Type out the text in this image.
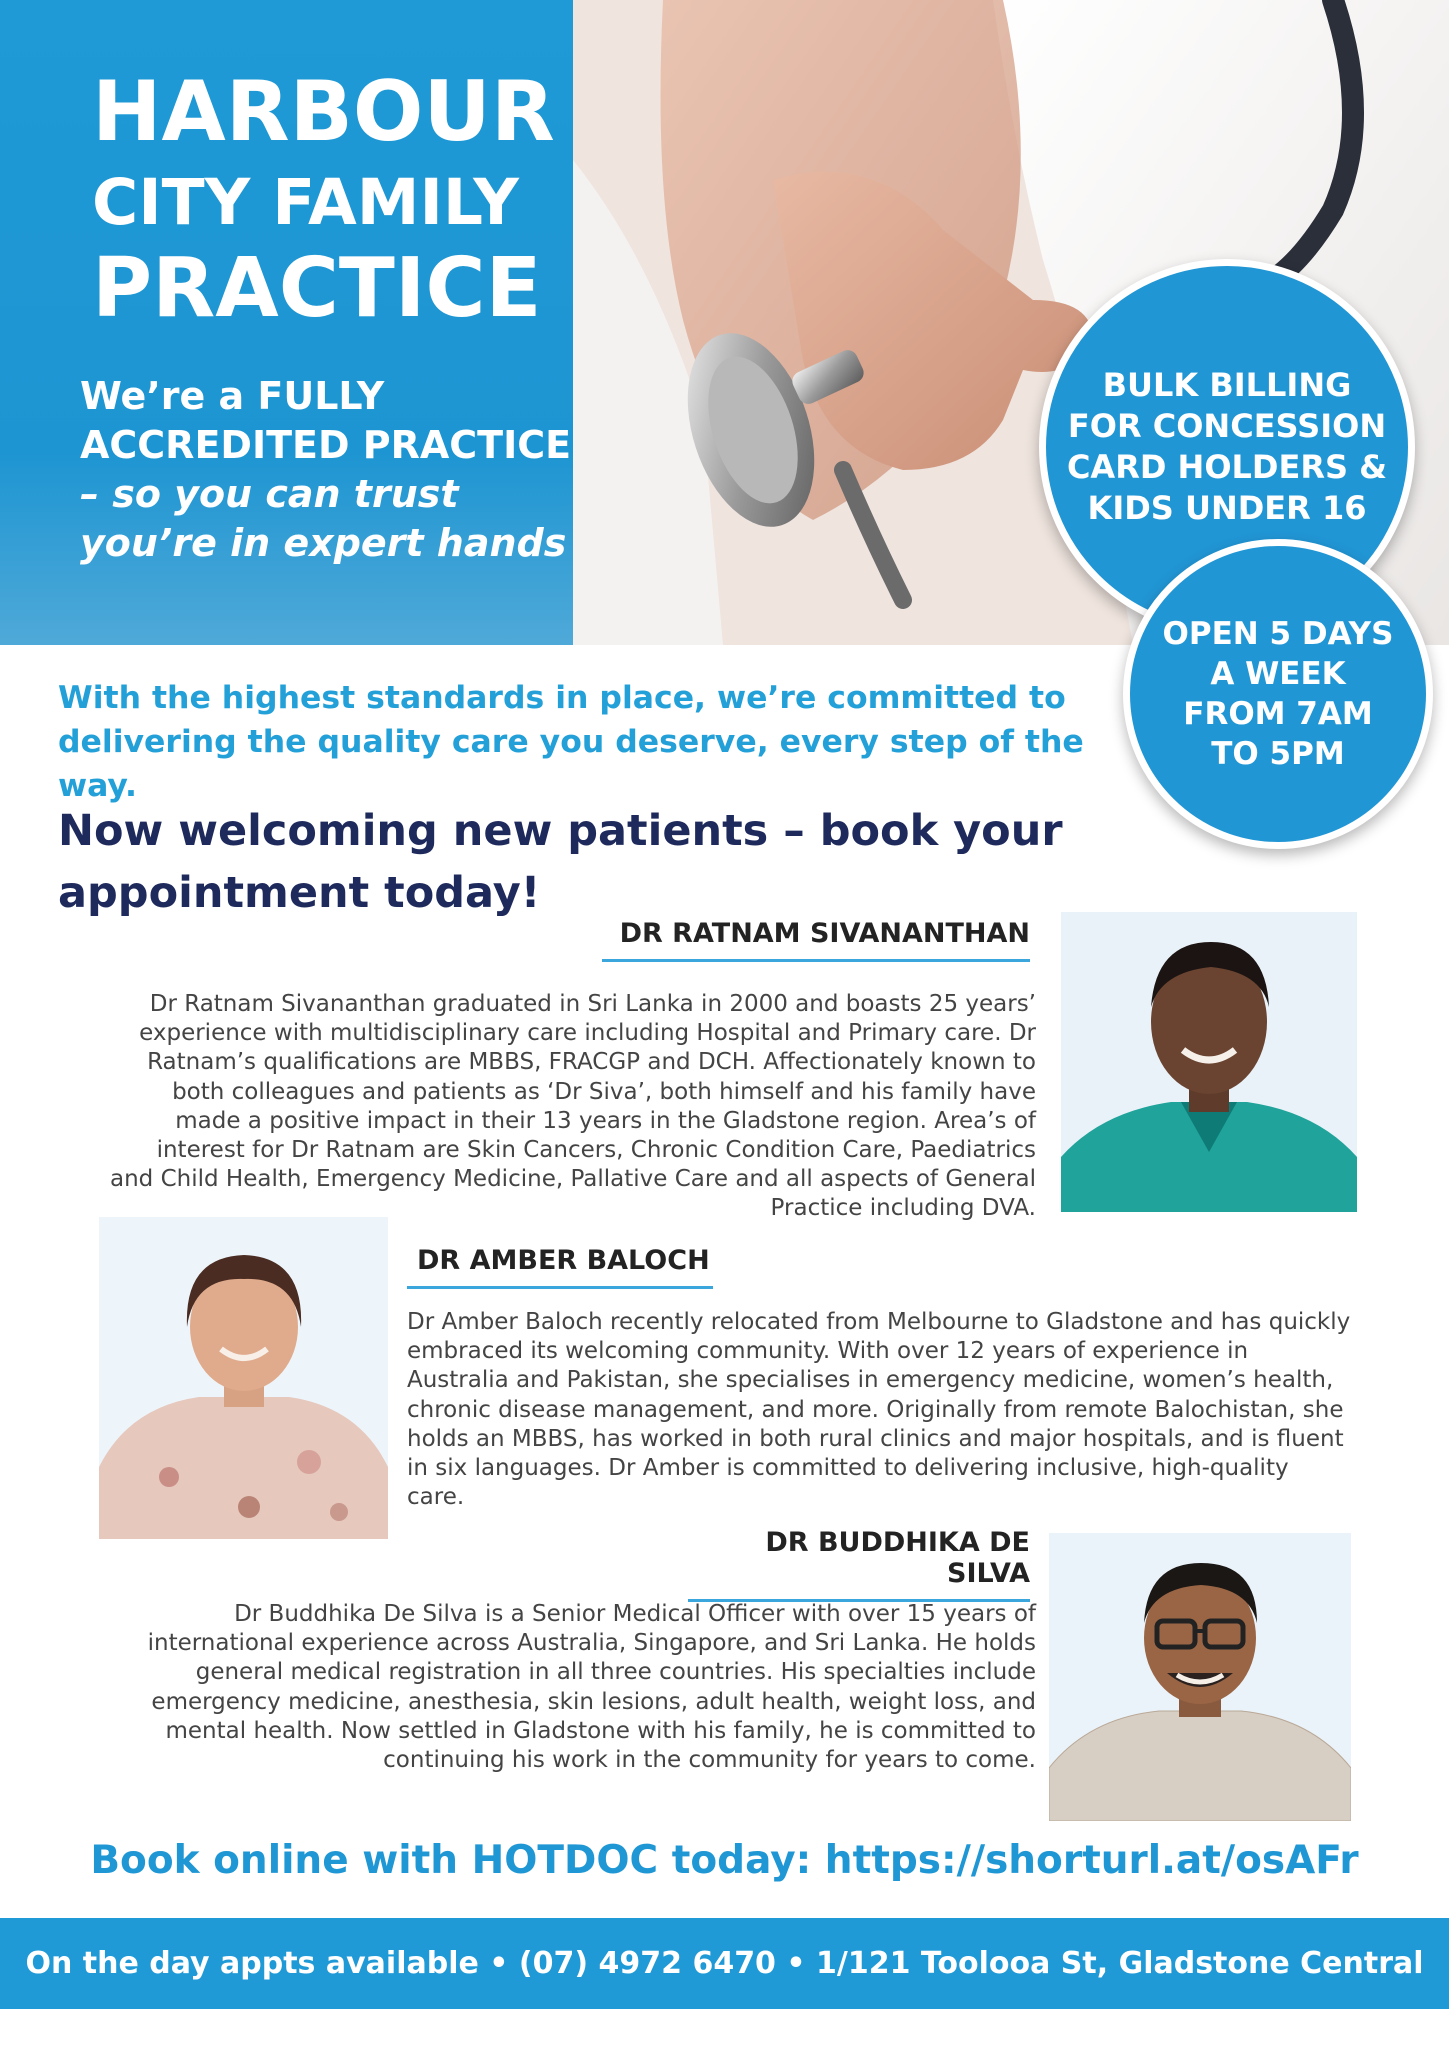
HARBOUR
CITY FAMILY
PRACTICE
We’re a FULLY
ACCREDITED PRACTICE
– so you can trust
you’re in expert hands
BULK BILLING
FOR CONCESSION
CARD HOLDERS &
KIDS UNDER 16
OPEN 5 DAYS
A WEEK
FROM 7AM
TO 5PM
With the highest standards in place, we’re committed to
delivering the quality care you deserve, every step of the way.
Now welcoming new patients – book your
appointment today!
DR RATNAM SIVANANTHAN
Dr Ratnam Sivananthan graduated in Sri Lanka in 2000 and boasts 25 years’ experience with multidisciplinary care including Hospital and Primary care. Dr Ratnam’s qualifications are MBBS, FRACGP and DCH. Affectionately known to both colleagues and patients as ‘Dr Siva’, both himself and his family have made a positive impact in their 13 years in the Gladstone region. Area’s of interest for Dr Ratnam are Skin Cancers, Chronic Condition Care, Paediatrics and Child Health, Emergency Medicine, Pallative Care and all aspects of General Practice including DVA.
DR AMBER BALOCH
Dr Amber Baloch recently relocated from Melbourne to Gladstone and has quickly embraced its welcoming community. With over 12 years of experience in Australia and Pakistan, she specialises in emergency medicine, women’s health, chronic disease management, and more. Originally from remote Balochistan, she holds an MBBS, has worked in both rural clinics and major hospitals, and is fluent in six languages. Dr Amber is committed to delivering inclusive, high-quality care.
DR BUDDHIKA DE SILVA
Dr Buddhika De Silva is a Senior Medical Officer with over 15 years of international experience across Australia, Singapore, and Sri Lanka. He holds general medical registration in all three countries. His specialties include emergency medicine, anesthesia, skin lesions, adult health, weight loss, and mental health. Now settled in Gladstone with his family, he is committed to continuing his work in the community for years to come.
Book online with HOTDOC today: https://shorturl.at/osAFr
On the day appts available • (07) 4972 6470 • 1/121 Toolooa St, Gladstone Central
